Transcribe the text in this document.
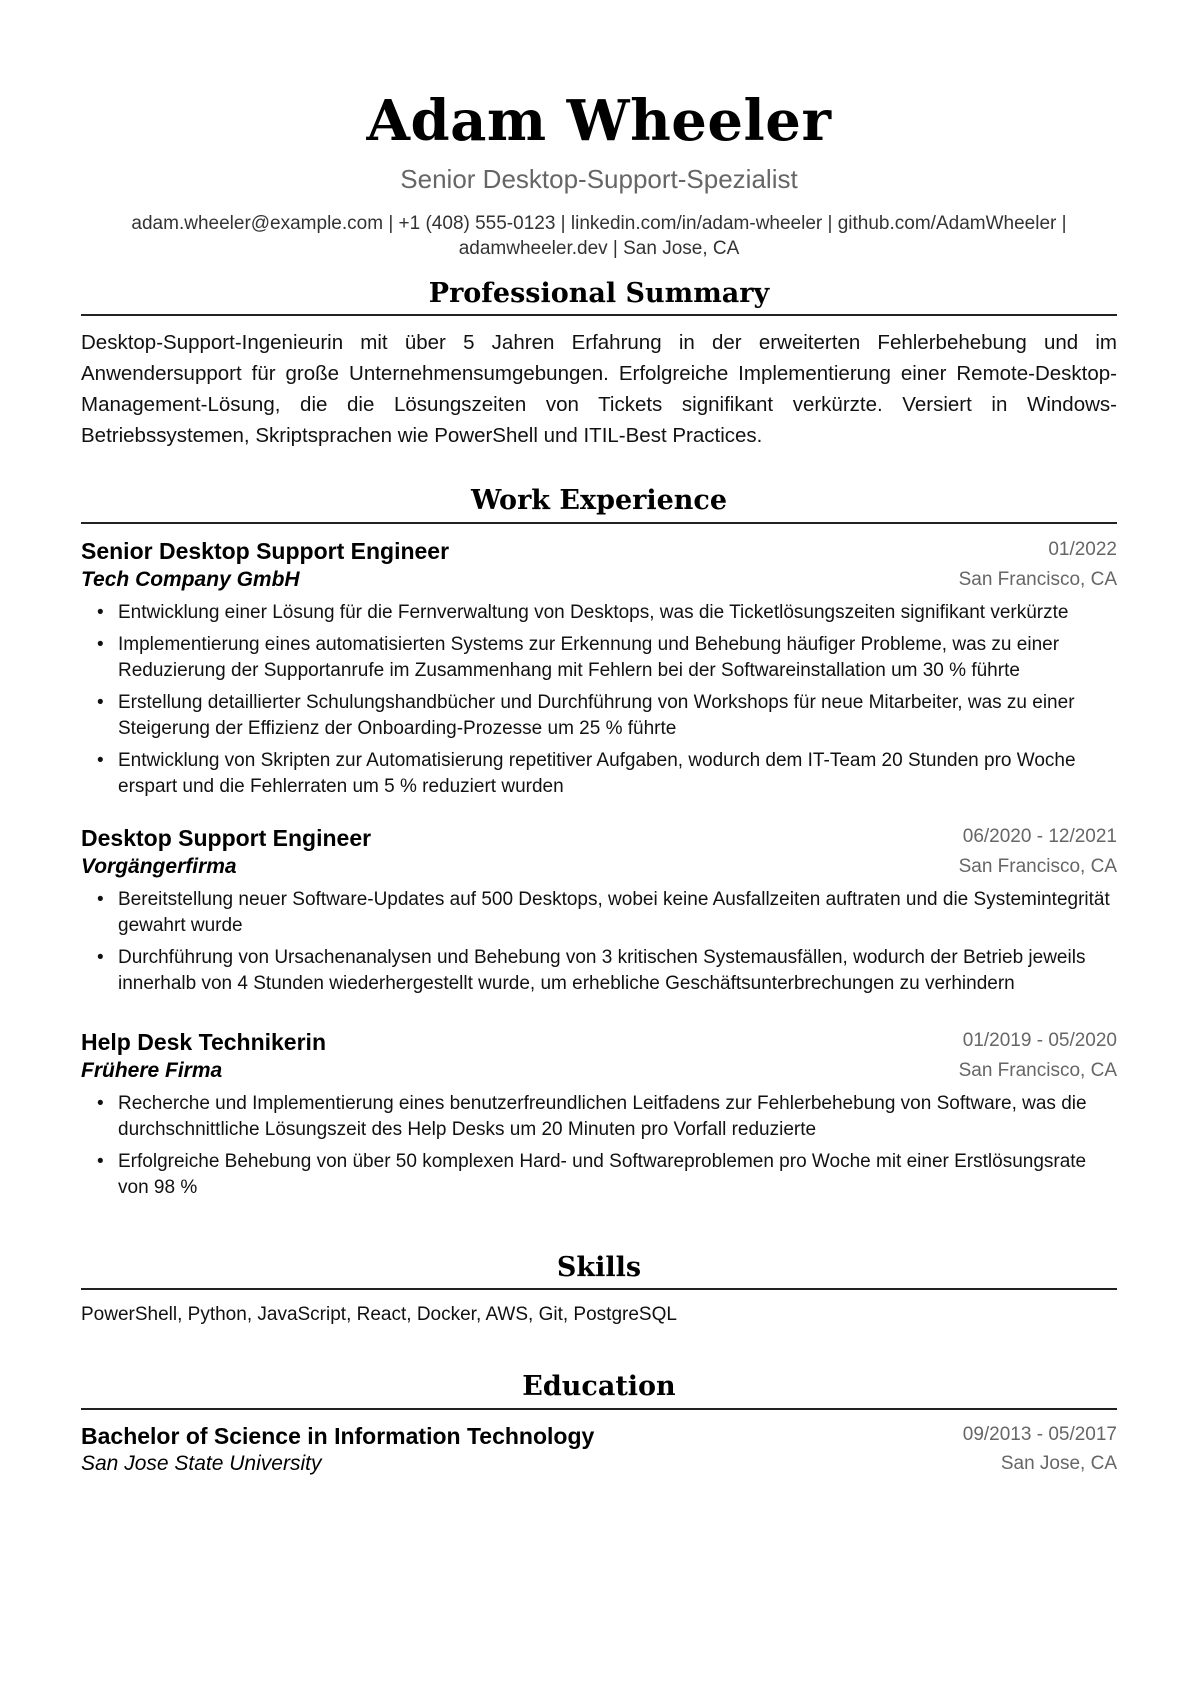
Adam Wheeler
Senior Desktop-Support-Spezialist
adam.wheeler@example.com | +1 (408) 555-0123 | linkedin.com/in/adam-wheeler | github.com/AdamWheeler |
adamwheeler.dev | San Jose, CA
Professional Summary
Desktop-Support-Ingenieurin mit über 5 Jahren Erfahrung in der erweiterten Fehlerbehebung und im Anwendersupport für große Unternehmensumgebungen. Erfolgreiche Implementierung einer Remote-Desktop-Management-Lösung, die die Lösungszeiten von Tickets signifikant verkürzte. Versiert in Windows-Betriebssystemen, Skriptsprachen wie PowerShell und ITIL-Best Practices.
Work Experience
Senior Desktop Support Engineer	01/2022
Tech Company GmbH	San Francisco, CA
• Entwicklung einer Lösung für die Fernverwaltung von Desktops, was die Ticketlösungszeiten signifikant verkürzte
• Implementierung eines automatisierten Systems zur Erkennung und Behebung häufiger Probleme, was zu einer Reduzierung der Supportanrufe im Zusammenhang mit Fehlern bei der Softwareinstallation um 30 % führte
• Erstellung detaillierter Schulungshandbücher und Durchführung von Workshops für neue Mitarbeiter, was zu einer Steigerung der Effizienz der Onboarding-Prozesse um 25 % führte
• Entwicklung von Skripten zur Automatisierung repetitiver Aufgaben, wodurch dem IT-Team 20 Stunden pro Woche erspart und die Fehlerraten um 5 % reduziert wurden
Desktop Support Engineer	06/2020 - 12/2021
Vorgängerfirma	San Francisco, CA
• Bereitstellung neuer Software-Updates auf 500 Desktops, wobei keine Ausfallzeiten auftraten und die Systemintegrität gewahrt wurde
• Durchführung von Ursachenanalysen und Behebung von 3 kritischen Systemausfällen, wodurch der Betrieb jeweils innerhalb von 4 Stunden wiederhergestellt wurde, um erhebliche Geschäftsunterbrechungen zu verhindern
Help Desk Technikerin	01/2019 - 05/2020
Frühere Firma	San Francisco, CA
• Recherche und Implementierung eines benutzerfreundlichen Leitfadens zur Fehlerbehebung von Software, was die durchschnittliche Lösungszeit des Help Desks um 20 Minuten pro Vorfall reduzierte
• Erfolgreiche Behebung von über 50 komplexen Hard- und Softwareproblemen pro Woche mit einer Erstlösungsrate von 98 %
Skills
PowerShell, Python, JavaScript, React, Docker, AWS, Git, PostgreSQL
Education
Bachelor of Science in Information Technology	09/2013 - 05/2017
San Jose State University	San Jose, CA
